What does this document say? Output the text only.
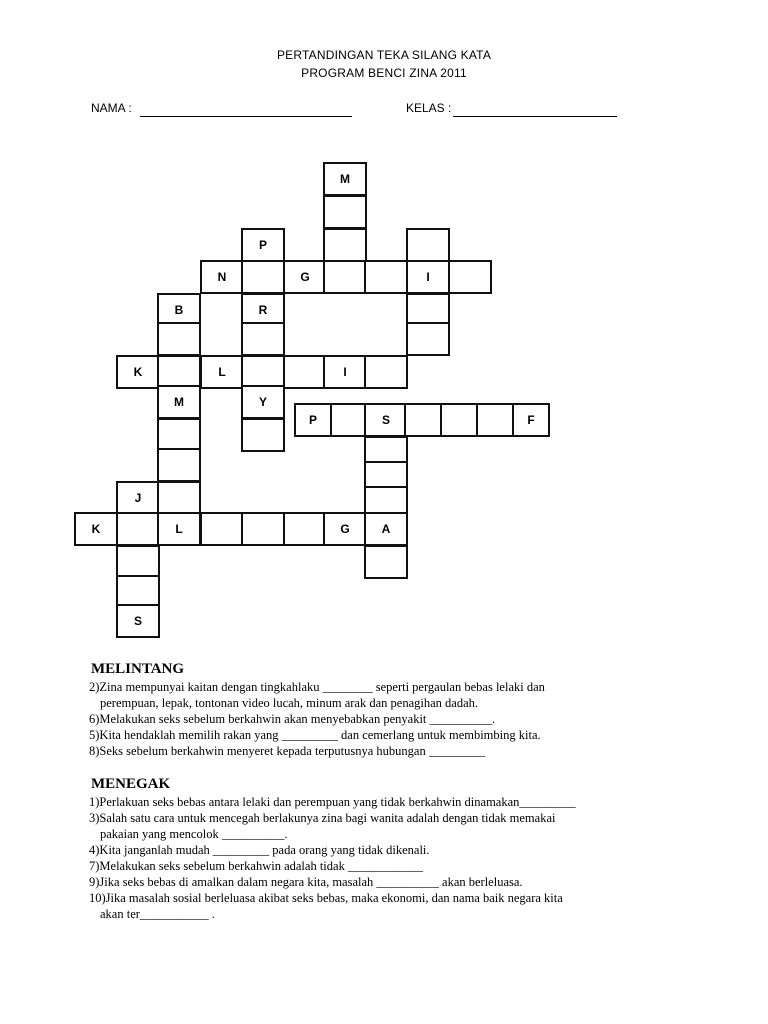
PERTANDINGAN TEKA SILANG KATA
PROGRAM BENCI ZINA 2011
NAMA :	KELAS :
M
P
N	G	I
B	R
K	L	I
M	Y
P	S	F
J
K	L	G	A
S
MELINTANG
2)Zina mempunyai kaitan dengan tingkahlaku ________ seperti pergaulan bebas lelaki dan
perempuan, lepak, tontonan video lucah, minum arak dan penagihan dadah.
6)Melakukan seks sebelum berkahwin akan menyebabkan penyakit __________.
5)Kita hendaklah memilih rakan yang _________ dan cemerlang untuk membimbing kita.
8)Seks sebelum berkahwin menyeret kepada terputusnya hubungan _________
MENEGAK
1)Perlakuan seks bebas antara lelaki dan perempuan yang tidak berkahwin dinamakan_________
3)Salah satu cara untuk mencegah berlakunya zina bagi wanita adalah dengan tidak memakai
pakaian yang mencolok __________.
4)Kita janganlah mudah _________ pada orang yang tidak dikenali.
7)Melakukan seks sebelum berkahwin adalah tidak ____________
9)Jika seks bebas di amalkan dalam negara kita, masalah __________ akan berleluasa.
10)Jika masalah sosial berleluasa akibat seks bebas, maka ekonomi, dan nama baik negara kita
akan ter___________ .
